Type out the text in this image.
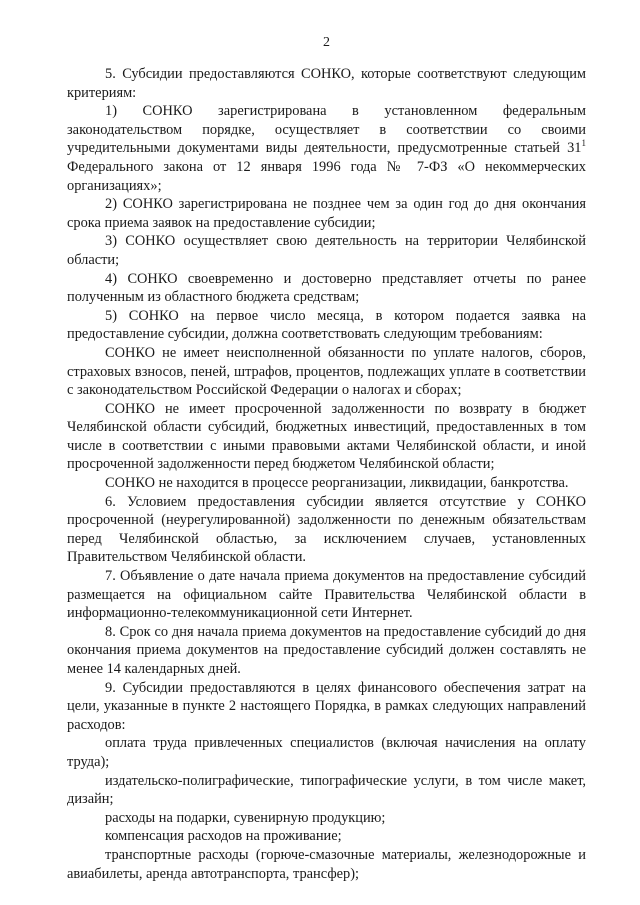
2

5. Субсидии предоставляются СОНКО, которые соответствуют следующим критериям:

1) СОНКО зарегистрирована в установленном федеральным законодательством порядке, осуществляет в соответствии со своими учредительными документами виды деятельности, предусмотренные статьей $31^1$ Федерального закона от 12 января 1996 года № 7-ФЗ «О некоммерческих организациях»;

2) СОНКО зарегистрирована не позднее чем за один год до дня окончания срока приема заявок на предоставление субсидии;

3) СОНКО осуществляет свою деятельность на территории Челябинской области;

4) СОНКО своевременно и достоверно представляет отчеты по ранее полученным из областного бюджета средствам;

5) СОНКО на первое число месяца, в котором подается заявка на предоставление субсидии, должна соответствовать следующим требованиям:

СОНКО не имеет неисполненной обязанности по уплате налогов, сборов, страховых взносов, пеней, штрафов, процентов, подлежащих уплате в соответствии с законодательством Российской Федерации о налогах и сборах;

СОНКО не имеет просроченной задолженности по возврату в бюджет Челябинской области субсидий, бюджетных инвестиций, предоставленных в том числе в соответствии с иными правовыми актами Челябинской области, и иной просроченной задолженности перед бюджетом Челябинской области;

СОНКО не находится в процессе реорганизации, ликвидации, банкротства.

6. Условием предоставления субсидии является отсутствие у СОНКО просроченной (неурегулированной) задолженности по денежным обязательствам перед Челябинской областью, за исключением случаев, установленных Правительством Челябинской области.

7. Объявление о дате начала приема документов на предоставление субсидий размещается на официальном сайте Правительства Челябинской области в информационно-телекоммуникационной сети Интернет.

8. Срок со дня начала приема документов на предоставление субсидий до дня окончания приема документов на предоставление субсидий должен составлять не менее 14 календарных дней.

9. Субсидии предоставляются в целях финансового обеспечения затрат на цели, указанные в пункте 2 настоящего Порядка, в рамках следующих направлений расходов:

оплата труда привлеченных специалистов (включая начисления на оплату труда);

издательско-полиграфические, типографические услуги, в том числе макет, дизайн;

расходы на подарки, сувенирную продукцию;

компенсация расходов на проживание;

транспортные расходы (горюче-смазочные материалы, железнодорожные и авиабилеты, аренда автотранспорта, трансфер);
